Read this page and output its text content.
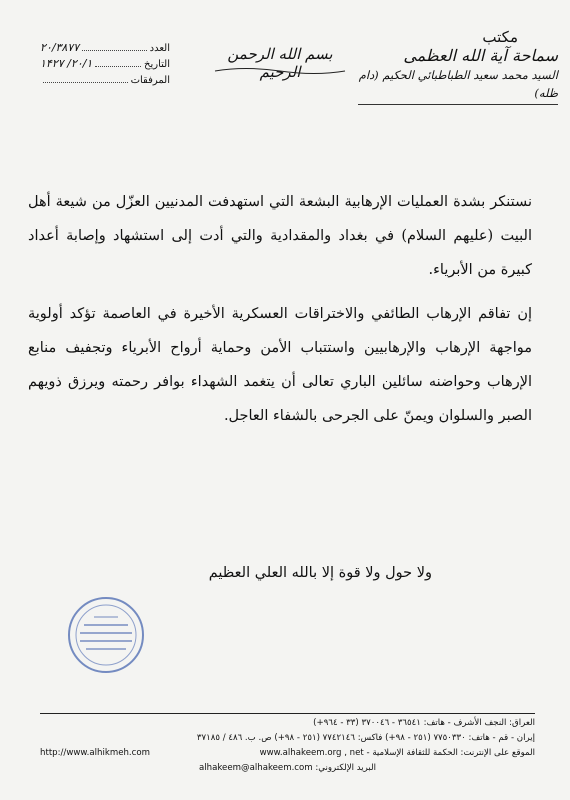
مكتب
سماحة آية الله العظمى
السيد محمد سعيد الطباطبائي الحكيم (دام ظله)
بسم الله الرحمن الرحيم
العدد
۲۰/۳۸۷۷
التاريخ
۲۰/۱/ ۱۴۲۷
المرفقات

نستنكر بشدة العمليات الإرهابية البشعة التي استهدفت المدنيين العزّل من شيعة أهل البيت (عليهم السلام) في بغداد والمقدادية والتي أدت إلى استشهاد وإصابة أعداد كبيرة من الأبرياء.

إن تفاقم الإرهاب الطائفي والاختراقات العسكرية الأخيرة في العاصمة تؤكد أولوية مواجهة الإرهاب والإرهابيين واستتباب الأمن وحماية أرواح الأبرياء وتجفيف منابع الإرهاب وحواضنه سائلين الباري تعالى أن يتغمد الشهداء بوافر رحمته ويرزق ذويهم الصبر والسلوان ويمنّ على الجرحى بالشفاء العاجل.

ولا حول ولا قوة إلا بالله العلي العظيم
العراق: النجف الأشرف - هاتف: ٣٦٥٤١ - ٣٧٠٠٤٦ (٣٣ - ٩٦٤+)
إيران - قم - هاتف: ٧٧٥٠٣٣٠ (٢٥١ - ٩٨+) فاكس: ٧٧٤٢١٤٦ (٢٥١ - ٩٨+) ص. ب. ٤٨٦ / ٣٧١٨٥
الموقع على الإنترنت: الحكمة للثقافة الإسلامية - www.alhakeem.org , net
http://www.alhikmeh.com
البريد الإلكتروني: alhakeem@alhakeem.com
